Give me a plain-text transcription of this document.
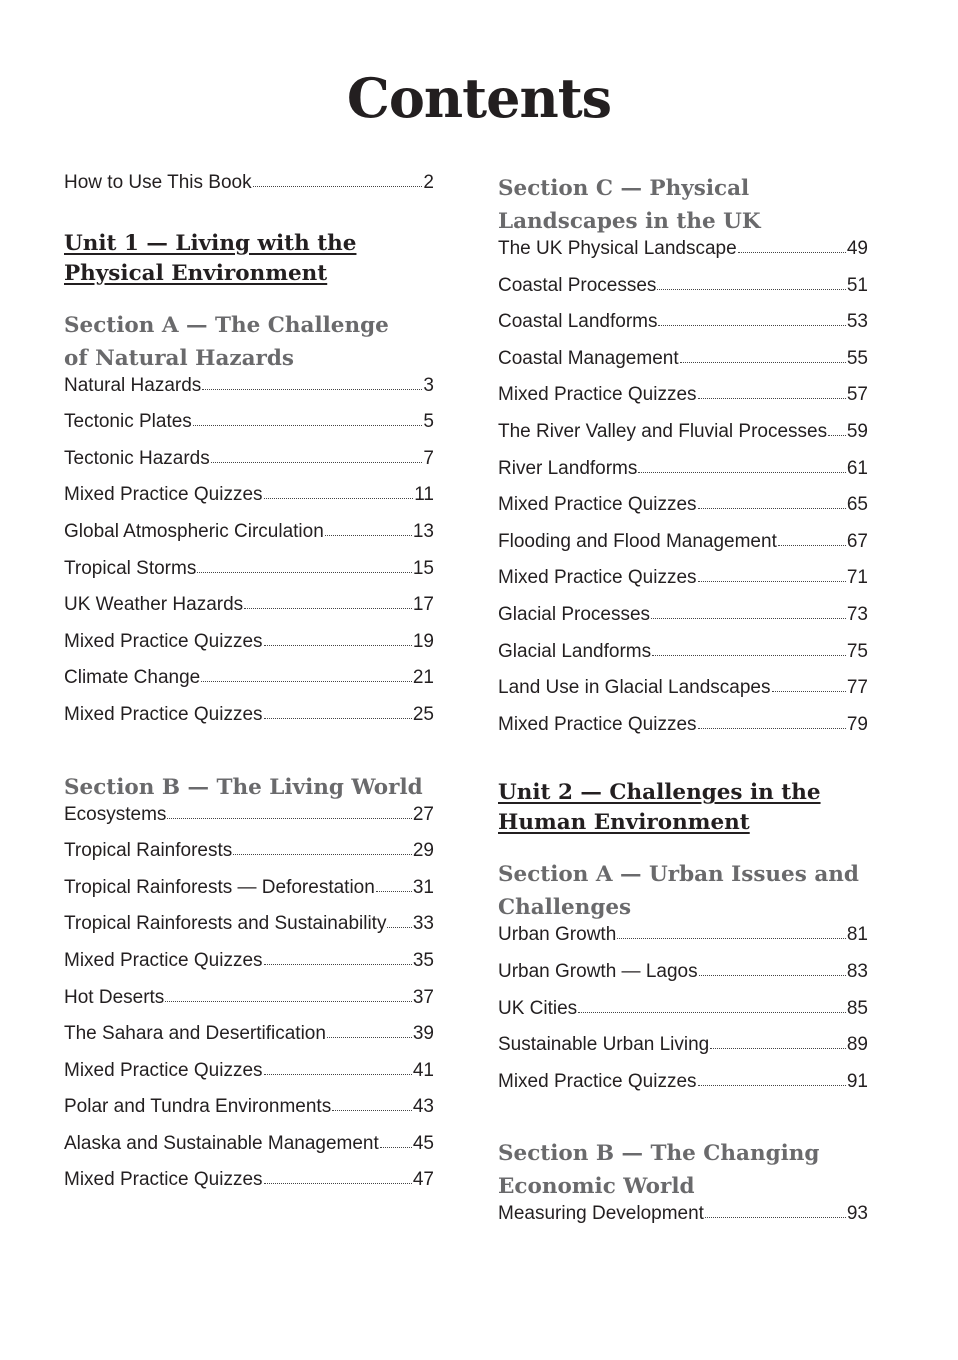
Contents
How to Use This Book	2
Unit 1 — Living with the
Physical Environment
Section A — The Challenge
of Natural Hazards
Natural Hazards	3
Tectonic Plates	5
Tectonic Hazards	7
Mixed Practice Quizzes	11
Global Atmospheric Circulation	13
Tropical Storms	15
UK Weather Hazards	17
Mixed Practice Quizzes	19
Climate Change	21
Mixed Practice Quizzes	25
Section B — The Living World
Ecosystems	27
Tropical Rainforests	29
Tropical Rainforests — Deforestation 31
Tropical Rainforests and Sustainability 33
Mixed Practice Quizzes	35
Hot Deserts	37
The Sahara and Desertification	39
Mixed Practice Quizzes	41
Polar and Tundra Environments	43
Alaska and Sustainable Management 45
Mixed Practice Quizzes	47
Section C — Physical
Landscapes in the UK
The UK Physical Landscape	49
Coastal Processes	51
Coastal Landforms	53
Coastal Management	55
Mixed Practice Quizzes	57
The River Valley and Fluvial Processes 59
River Landforms	61
Mixed Practice Quizzes	65
Flooding and Flood Management	67
Mixed Practice Quizzes	71
Glacial Processes	73
Glacial Landforms	75
Land Use in Glacial Landscapes	77
Mixed Practice Quizzes	79
Unit 2 — Challenges in the
Human Environment
Section A — Urban Issues and
Challenges
Urban Growth	81
Urban Growth — Lagos	83
UK Cities	85
Sustainable Urban Living	89
Mixed Practice Quizzes	91
Section B — The Changing
Economic World
Measuring Development	93
